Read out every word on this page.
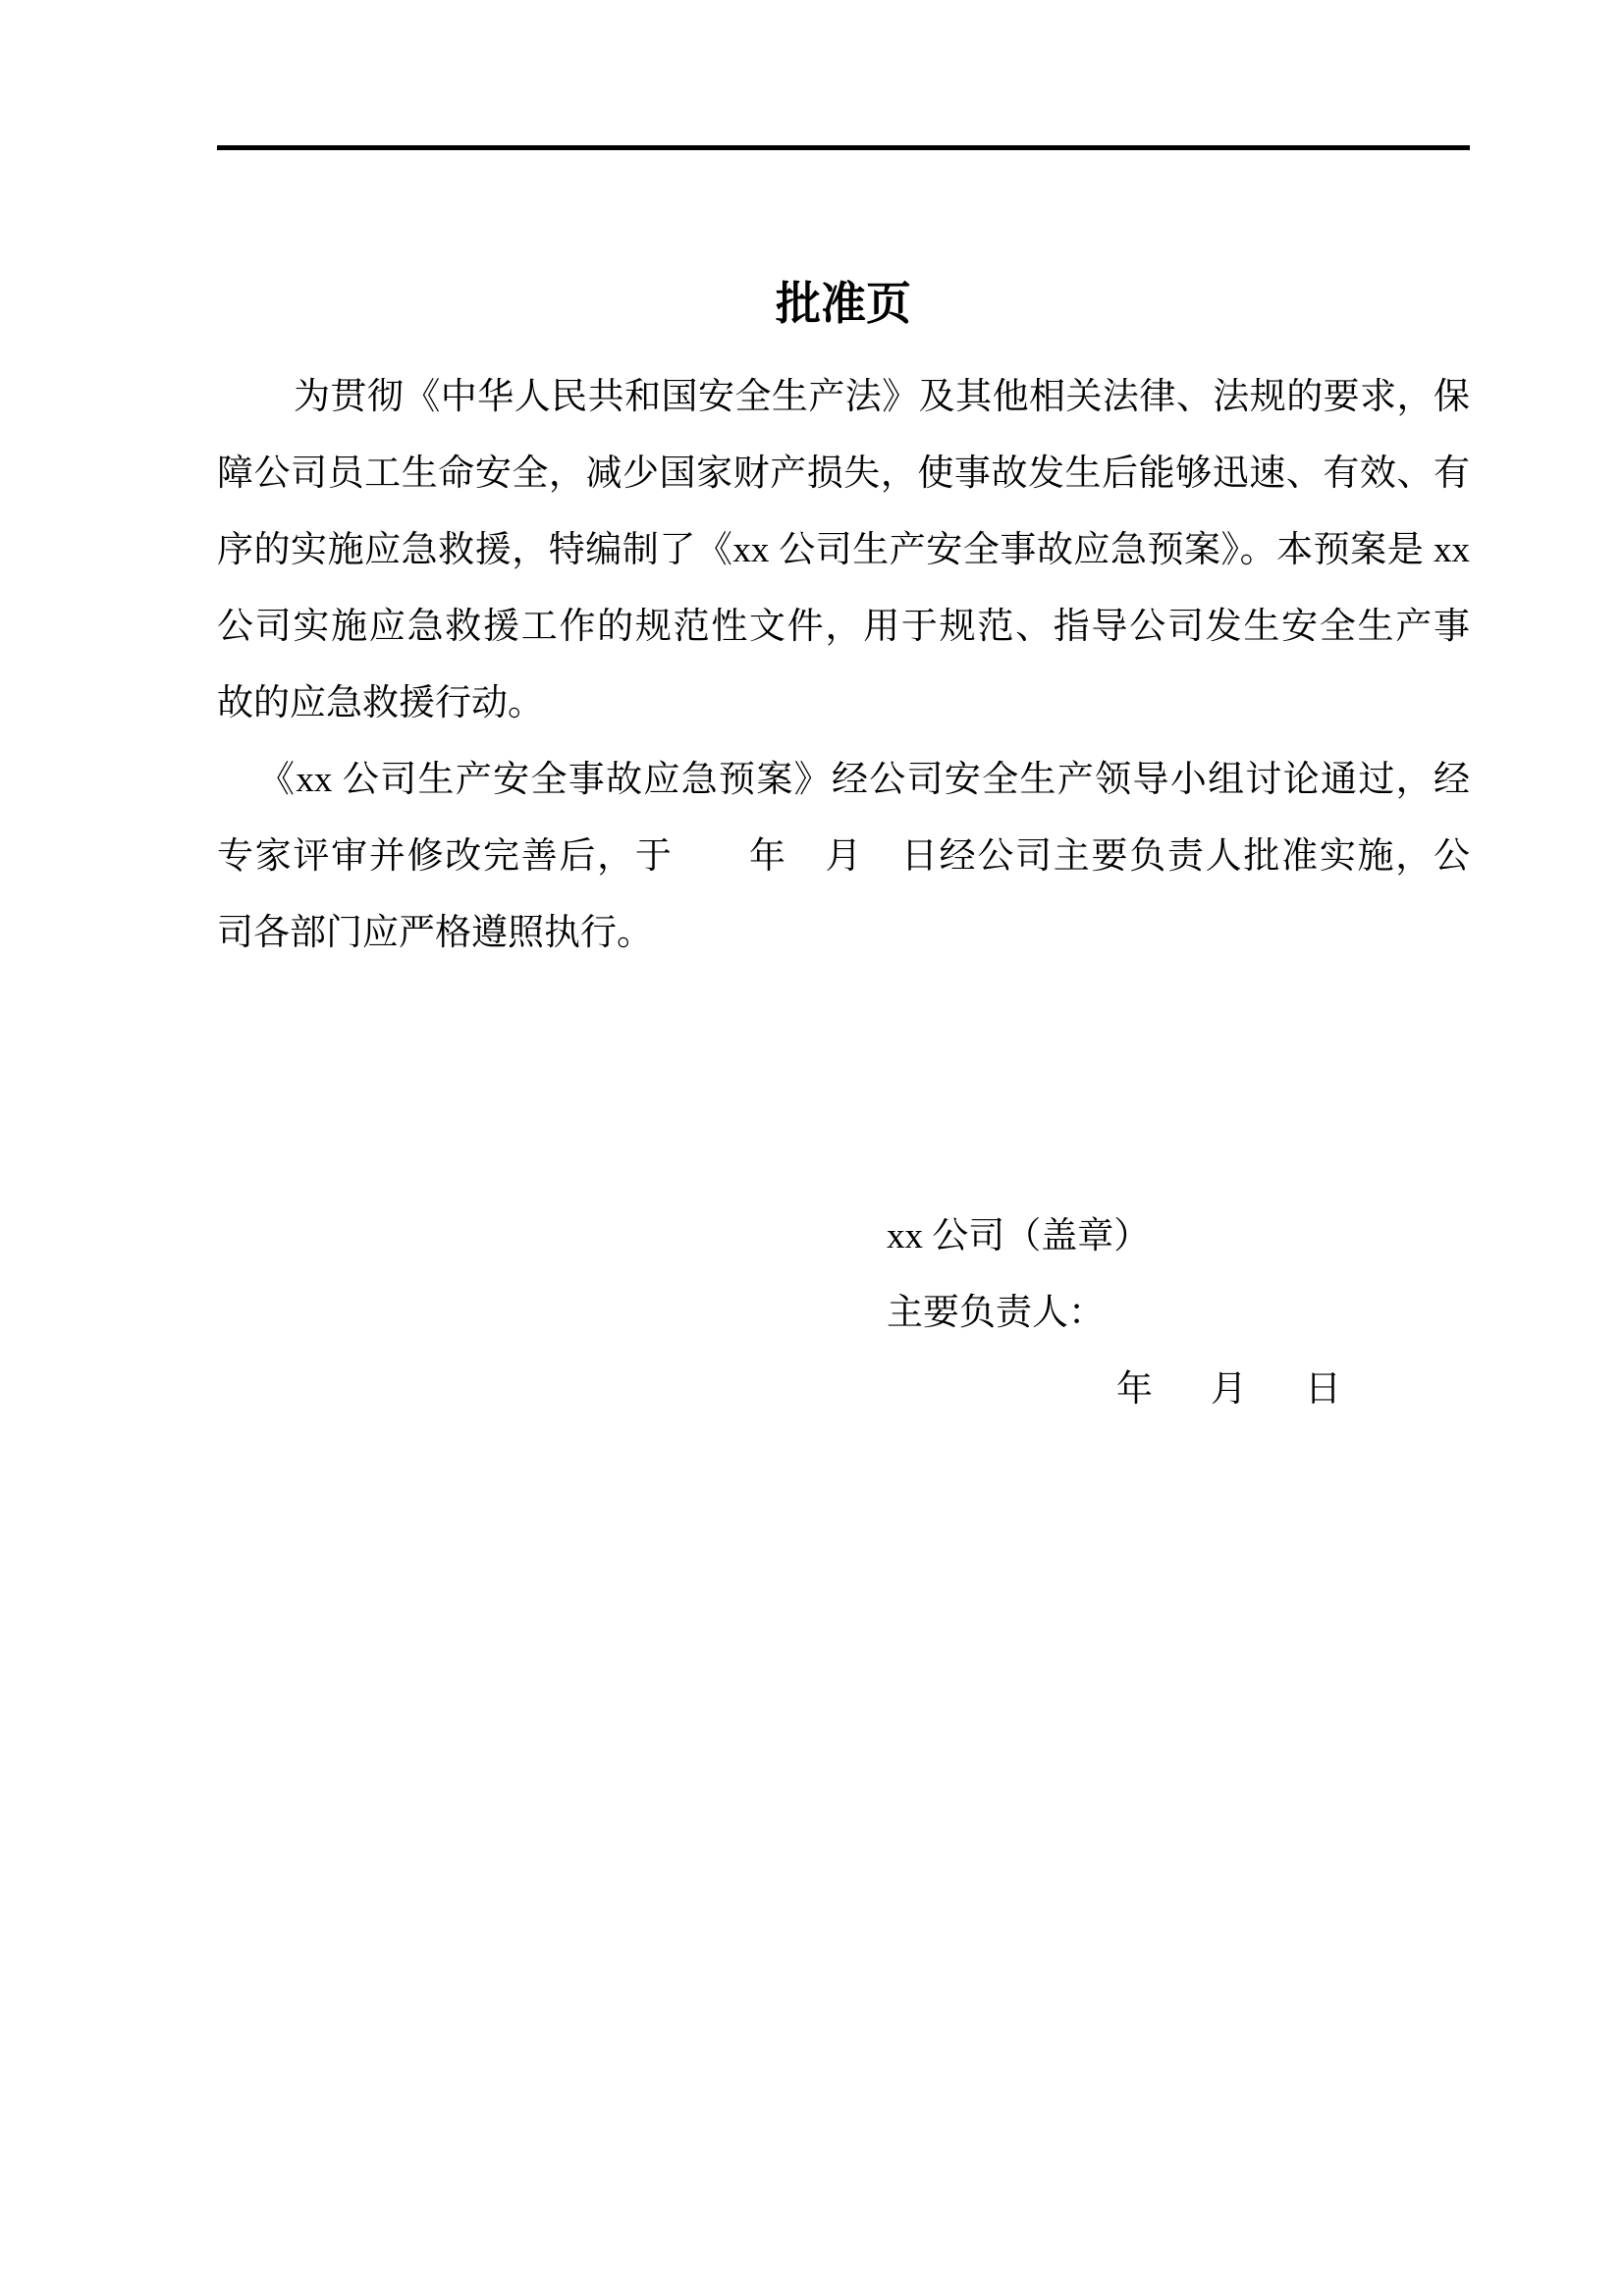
批准页
为贯彻《中华人民共和国安全生产法》及其他相关法律、法规的要求，保
障公司员工生命安全，减少国家财产损失，使事故发生后能够迅速、有效、有
序的实施应急救援，特编制了《xx 公司生产安全事故应急预案》。本预案是 xx
公司实施应急救援工作的规范性文件，用于规范、指导公司发生安全生产事
故的应急救援行动。
《xx 公司生产安全事故应急预案》经公司安全生产领导小组讨论通过，经
专家评审并修改完善后，于　　年　月　日经公司主要负责人批准实施，公
司各部门应严格遵照执行。
xx 公司（盖章）
主要负责人：
年　　月　　日
